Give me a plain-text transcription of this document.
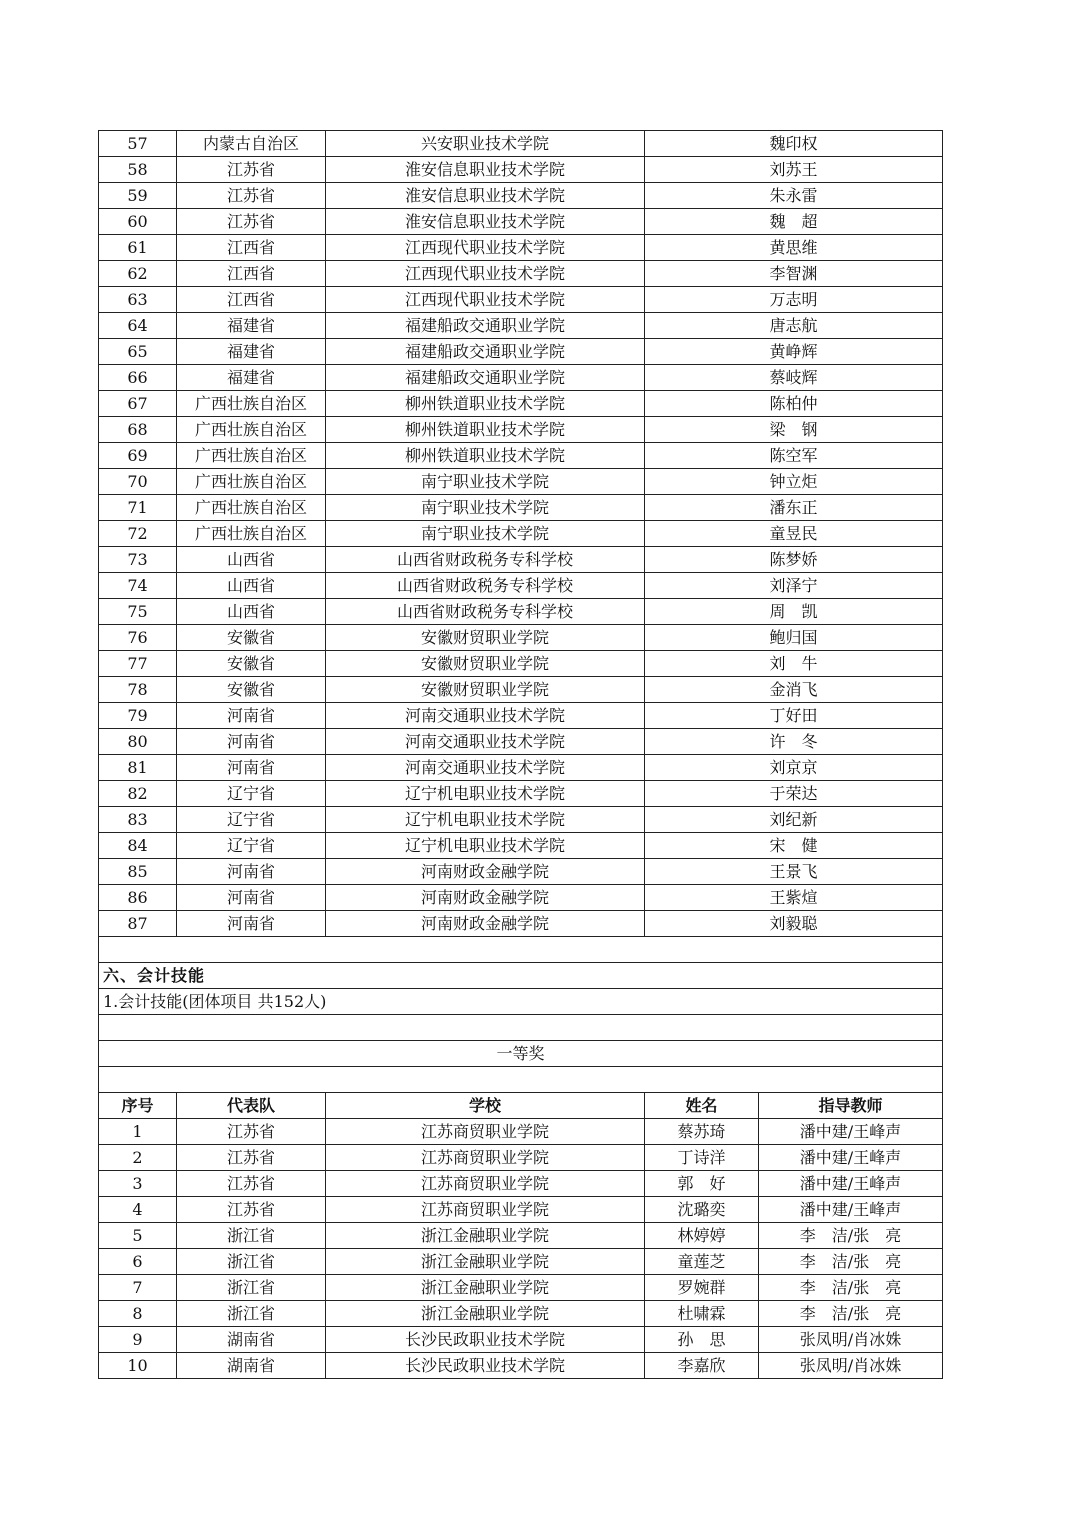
57	内蒙古自治区	兴安职业技术学院	魏印权	
58	江苏省	淮安信息职业技术学院	刘苏王	
59	江苏省	淮安信息职业技术学院	朱永雷	
60	江苏省	淮安信息职业技术学院	魏　超	
61	江西省	江西现代职业技术学院	黄思维	
62	江西省	江西现代职业技术学院	李智渊	
63	江西省	江西现代职业技术学院	万志明	
64	福建省	福建船政交通职业学院	唐志航	
65	福建省	福建船政交通职业学院	黄峥辉	
66	福建省	福建船政交通职业学院	蔡岐辉	
67	广西壮族自治区	柳州铁道职业技术学院	陈柏仲	
68	广西壮族自治区	柳州铁道职业技术学院	梁　钢	
69	广西壮族自治区	柳州铁道职业技术学院	陈空军	
70	广西壮族自治区	南宁职业技术学院	钟立炬	
71	广西壮族自治区	南宁职业技术学院	潘东正	
72	广西壮族自治区	南宁职业技术学院	童昱民	
73	山西省	山西省财政税务专科学校	陈梦娇	
74	山西省	山西省财政税务专科学校	刘泽宁	
75	山西省	山西省财政税务专科学校	周　凯	
76	安徽省	安徽财贸职业学院	鲍归国	
77	安徽省	安徽财贸职业学院	刘　牛	
78	安徽省	安徽财贸职业学院	金消飞	
79	河南省	河南交通职业技术学院	丁好田	
80	河南省	河南交通职业技术学院	许　冬	
81	河南省	河南交通职业技术学院	刘京京	
82	辽宁省	辽宁机电职业技术学院	于荣达	
83	辽宁省	辽宁机电职业技术学院	刘纪新	
84	辽宁省	辽宁机电职业技术学院	宋　健	
85	河南省	河南财政金融学院	王景飞	
86	河南省	河南财政金融学院	王紫煊	
87	河南省	河南财政金融学院	刘毅聪	

六、会计技能				
1.会计技能(团体项目 共152人)				

一等奖				

序号	代表队	学校	姓名	指导教师
1	江苏省	江苏商贸职业学院	蔡苏琦	潘中建/王峰声
2	江苏省	江苏商贸职业学院	丁诗洋	潘中建/王峰声
3	江苏省	江苏商贸职业学院	郭　好	潘中建/王峰声
4	江苏省	江苏商贸职业学院	沈璐奕	潘中建/王峰声
5	浙江省	浙江金融职业学院	林婷婷	李　洁/张　亮
6	浙江省	浙江金融职业学院	童莲芝	李　洁/张　亮
7	浙江省	浙江金融职业学院	罗婉群	李　洁/张　亮
8	浙江省	浙江金融职业学院	杜啸霖	李　洁/张　亮
9	湖南省	长沙民政职业技术学院	孙　思	张凤明/肖冰姝
10	湖南省	长沙民政职业技术学院	李嘉欣	张凤明/肖冰姝
